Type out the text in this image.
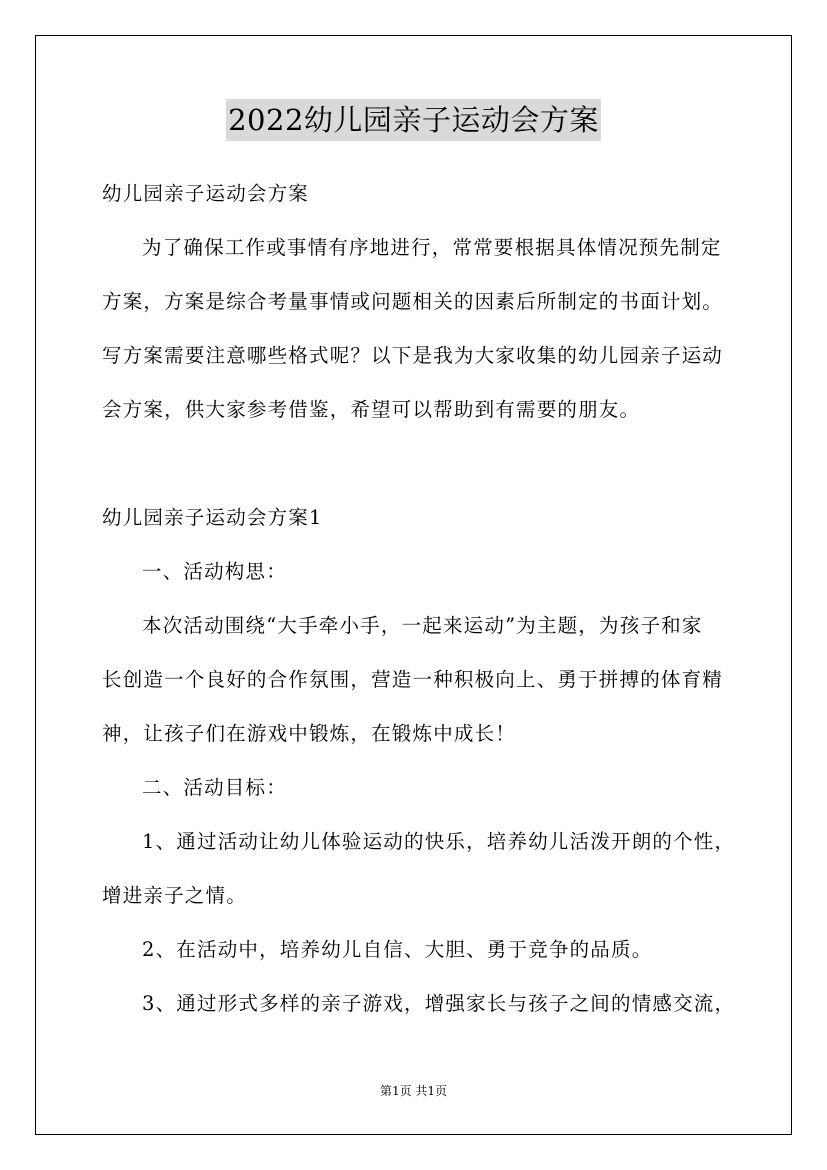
2022幼儿园亲子运动会方案
幼儿园亲子运动会方案
为了确保工作或事情有序地进行，常常要根据具体情况预先制定
方案，方案是综合考量事情或问题相关的因素后所制定的书面计划。
写方案需要注意哪些格式呢？以下是我为大家收集的幼儿园亲子运动
会方案，供大家参考借鉴，希望可以帮助到有需要的朋友。
幼儿园亲子运动会方案1
一、活动构思：
本次活动围绕“大手牵小手，一起来运动”为主题，为孩子和家
长创造一个良好的合作氛围，营造一种积极向上、勇于拼搏的体育精
神，让孩子们在游戏中锻炼，在锻炼中成长！
二、活动目标：
1、通过活动让幼儿体验运动的快乐，培养幼儿活泼开朗的个性，
增进亲子之情。
2、在活动中，培养幼儿自信、大胆、勇于竞争的品质。
3、通过形式多样的亲子游戏，增强家长与孩子之间的情感交流，
第1页 共1页
